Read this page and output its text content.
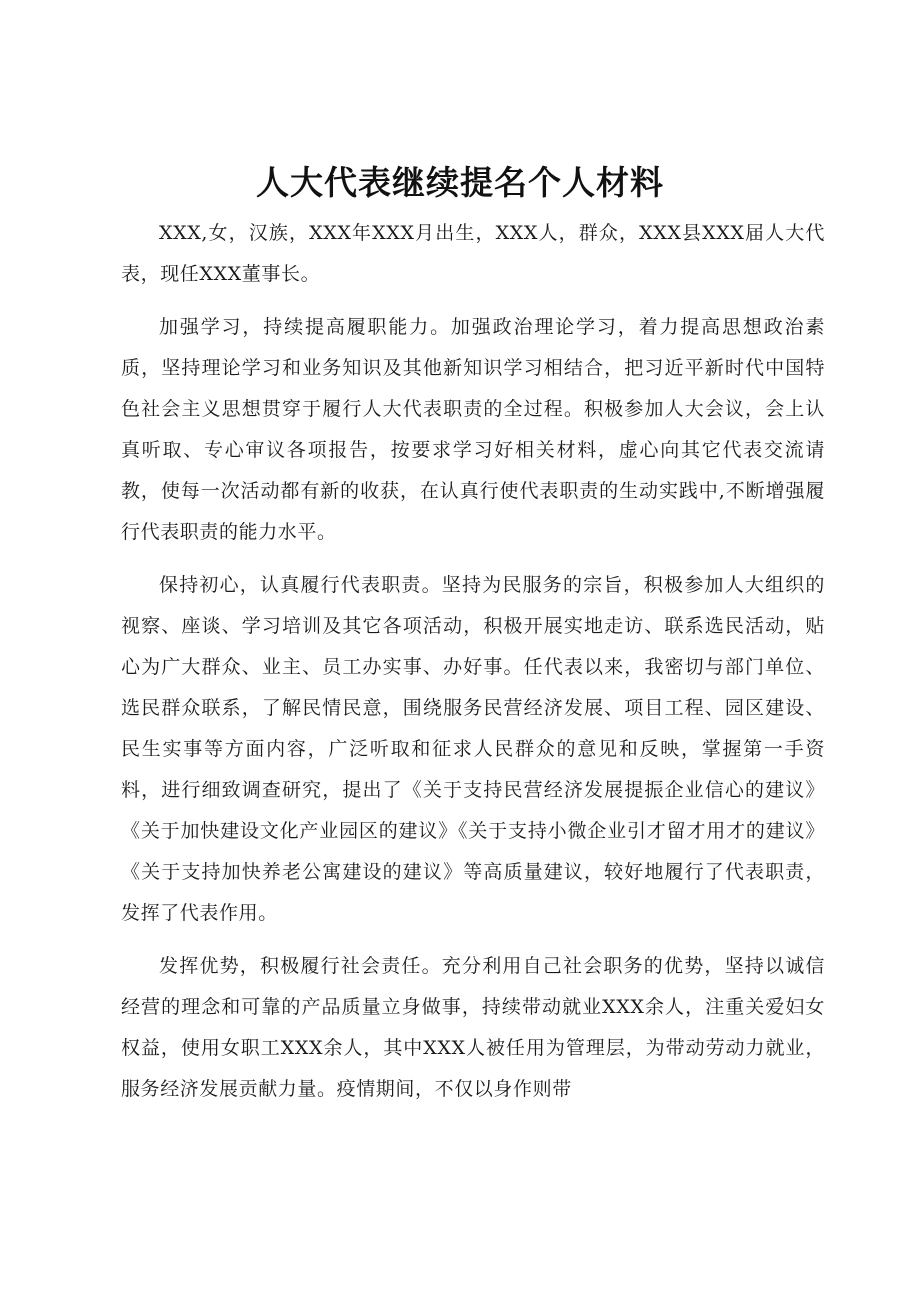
人大代表继续提名个人材料

XXX,女，汉族，XXX年XXX月出生，XXX人，群众，XXX县XXX届人大代表，现任XXX董事长。

加强学习，持续提高履职能力。加强政治理论学习，着力提高思想政治素质，坚持理论学习和业务知识及其他新知识学习相结合，把习近平新时代中国特色社会主义思想贯穿于履行人大代表职责的全过程。积极参加人大会议，会上认真听取、专心审议各项报告，按要求学习好相关材料，虚心向其它代表交流请教，使每一次活动都有新的收获，在认真行使代表职责的生动实践中,不断增强履行代表职责的能力水平。

保持初心，认真履行代表职责。坚持为民服务的宗旨，积极参加人大组织的视察、座谈、学习培训及其它各项活动，积极开展实地走访、联系选民活动，贴心为广大群众、业主、员工办实事、办好事。任代表以来，我密切与部门单位、选民群众联系，了解民情民意，围绕服务民营经济发展、项目工程、园区建设、民生实事等方面内容，广泛听取和征求人民群众的意见和反映，掌握第一手资料，进行细致调查研究，提出了《关于支持民营经济发展提振企业信心的建议》《关于加快建设文化产业园区的建议》《关于支持小微企业引才留才用才的建议》《关于支持加快养老公寓建设的建议》等高质量建议，较好地履行了代表职责，发挥了代表作用。

发挥优势，积极履行社会责任。充分利用自己社会职务的优势，坚持以诚信经营的理念和可靠的产品质量立身做事，持续带动就业XXX余人，注重关爱妇女权益，使用女职工XXX余人，其中XXX人被任用为管理层，为带动劳动力就业，服务经济发展贡献力量。疫情期间，不仅以身作则带
